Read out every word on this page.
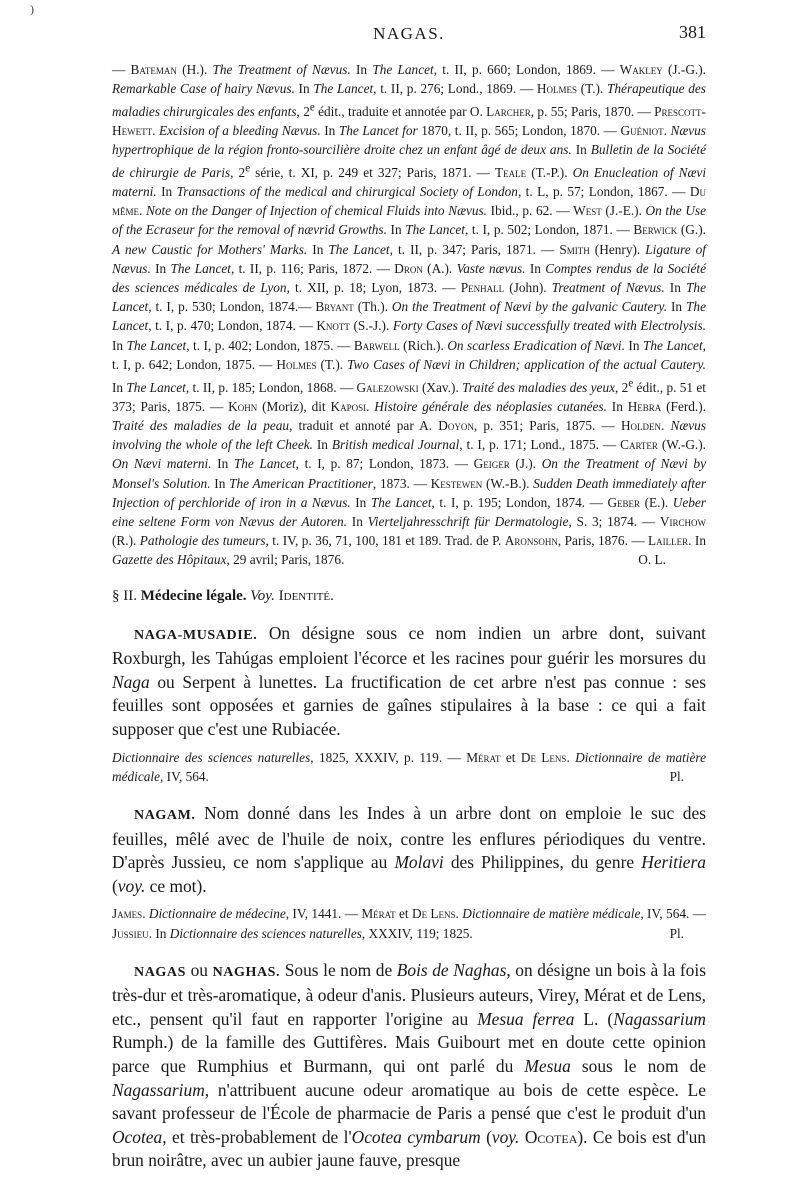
)
NAGAS.	381

— Bateman (H.). The Treatment of Nævus. In The Lancet, t. II, p. 660; London, 1869. — Wakley (J.-G.). Remarkable Case of hairy Nævus. In The Lancet, t. II, p. 276; Lond., 1869. — Holmes (T.). Thérapeutique des maladies chirurgicales des enfants, 2e édit., traduite et annotée par O. Larcher, p. 55; Paris, 1870. — Prescott-Hewett. Excision of a bleeding Nævus. In The Lancet for 1870, t. II, p. 565; London, 1870. — Guéniot. Nævus hypertrophique de la région fronto-sourcilière droite chez un enfant âgé de deux ans. In Bulletin de la Société de chirurgie de Paris, 2e série, t. XI, p. 249 et 327; Paris, 1871. — Teale (T.-P.). On Enucleation of Nævi materni. In Transactions of the medical and chirurgical Society of London, t. L, p. 57; London, 1867. — Du même. Note on the Danger of Injection of chemical Fluids into Nævus. Ibid., p. 62. — West (J.-E.). On the Use of the Ecraseur for the removal of nævrid Growths. In The Lancet, t. I, p. 502; London, 1871. — Berwick (G.). A new Caustic for Mothers' Marks. In The Lancet, t. II, p. 347; Paris, 1871. — Smith (Henry). Ligature of Nævus. In The Lancet, t. II, p. 116; Paris, 1872. — Dron (A.). Vaste nævus. In Comptes rendus de la Société des sciences médicales de Lyon, t. XII, p. 18; Lyon, 1873. — Penhall (John). Treatment of Nævus. In The Lancet, t. I, p. 530; London, 1874.— Bryant (Th.). On the Treatment of Nævi by the galvanic Cautery. In The Lancet, t. I, p. 470; London, 1874. — Knott (S.-J.). Forty Cases of Nævi successfully treated with Electrolysis. In The Lancet, t. I, p. 402; London, 1875. — Barwell (Rich.). On scarless Eradication of Nævi. In The Lancet, t. I, p. 642; London, 1875. — Holmes (T.). Two Cases of Nævi in Children; application of the actual Cautery. In The Lancet, t. II, p. 185; London, 1868. — Galezowski (Xav.). Traité des maladies des yeux, 2e édit., p. 51 et 373; Paris, 1875. — Kohn (Moriz), dit Kaposi. Histoire générale des néoplasies cutanées. In Hebra (Ferd.). Traité des maladies de la peau, traduit et annoté par A. Doyon, p. 351; Paris, 1875. — Holden. Nævus involving the whole of the left Cheek. In British medical Journal, t. I, p. 171; Lond., 1875. — Carter (W.-G.). On Nævi materni. In The Lancet, t. I, p. 87; London, 1873. — Geiger (J.). On the Treatment of Nævi by Monsel's Solution. In The American Practitioner, 1873. — Kestewen (W.-B.). Sudden Death immediately after Injection of perchloride of iron in a Nævus. In The Lancet, t. I, p. 195; London, 1874. — Geber (E.). Ueber eine seltene Form von Nævus der Autoren. In Vierteljahresschrift für Dermatologie, S. 3; 1874. — Virchow (R.). Pathologie des tumeurs, t. IV, p. 36, 71, 100, 181 et 189. Trad. de P. Aronsohn, Paris, 1876. — Lailler. In Gazette des Hôpitaux, 29 avril; Paris, 1876.	O. L.

§ II. Médecine légale. Voy. Identité.

NAGA-MUSADIE. On désigne sous ce nom indien un arbre dont, suivant Roxburgh, les Tahúgas emploient l'écorce et les racines pour guérir les morsures du Naga ou Serpent à lunettes. La fructification de cet arbre n'est pas connue : ses feuilles sont opposées et garnies de gaînes stipulaires à la base : ce qui a fait supposer que c'est une Rubiacée.

Dictionnaire des sciences naturelles, 1825, XXXIV, p. 119. — Mérat et De Lens. Dictionnaire de matière médicale, IV, 564.	Pl.

NAGAM. Nom donné dans les Indes à un arbre dont on emploie le suc des feuilles, mêlé avec de l'huile de noix, contre les enflures périodiques du ventre. D'après Jussieu, ce nom s'applique au Molavi des Philippines, du genre Heritiera (voy. ce mot).

James. Dictionnaire de médecine, IV, 1441. — Mérat et De Lens. Dictionnaire de matière médicale, IV, 564. — Jussieu. In Dictionnaire des sciences naturelles, XXXIV, 119; 1825.	Pl.

NAGAS ou NAGHAS. Sous le nom de Bois de Naghas, on désigne un bois à la fois très-dur et très-aromatique, à odeur d'anis. Plusieurs auteurs, Virey, Mérat et de Lens, etc., pensent qu'il faut en rapporter l'origine au Mesua ferrea L. (Nagassarium Rumph.) de la famille des Guttifères. Mais Guibourt met en doute cette opinion parce que Rumphius et Burmann, qui ont parlé du Mesua sous le nom de Nagassarium, n'attribuent aucune odeur aromatique au bois de cette espèce. Le savant professeur de l'École de pharmacie de Paris a pensé que c'est le produit d'un Ocotea, et très-probablement de l'Ocotea cymbarum (voy. Ocotea). Ce bois est d'un brun noirâtre, avec un aubier jaune fauve, presque
